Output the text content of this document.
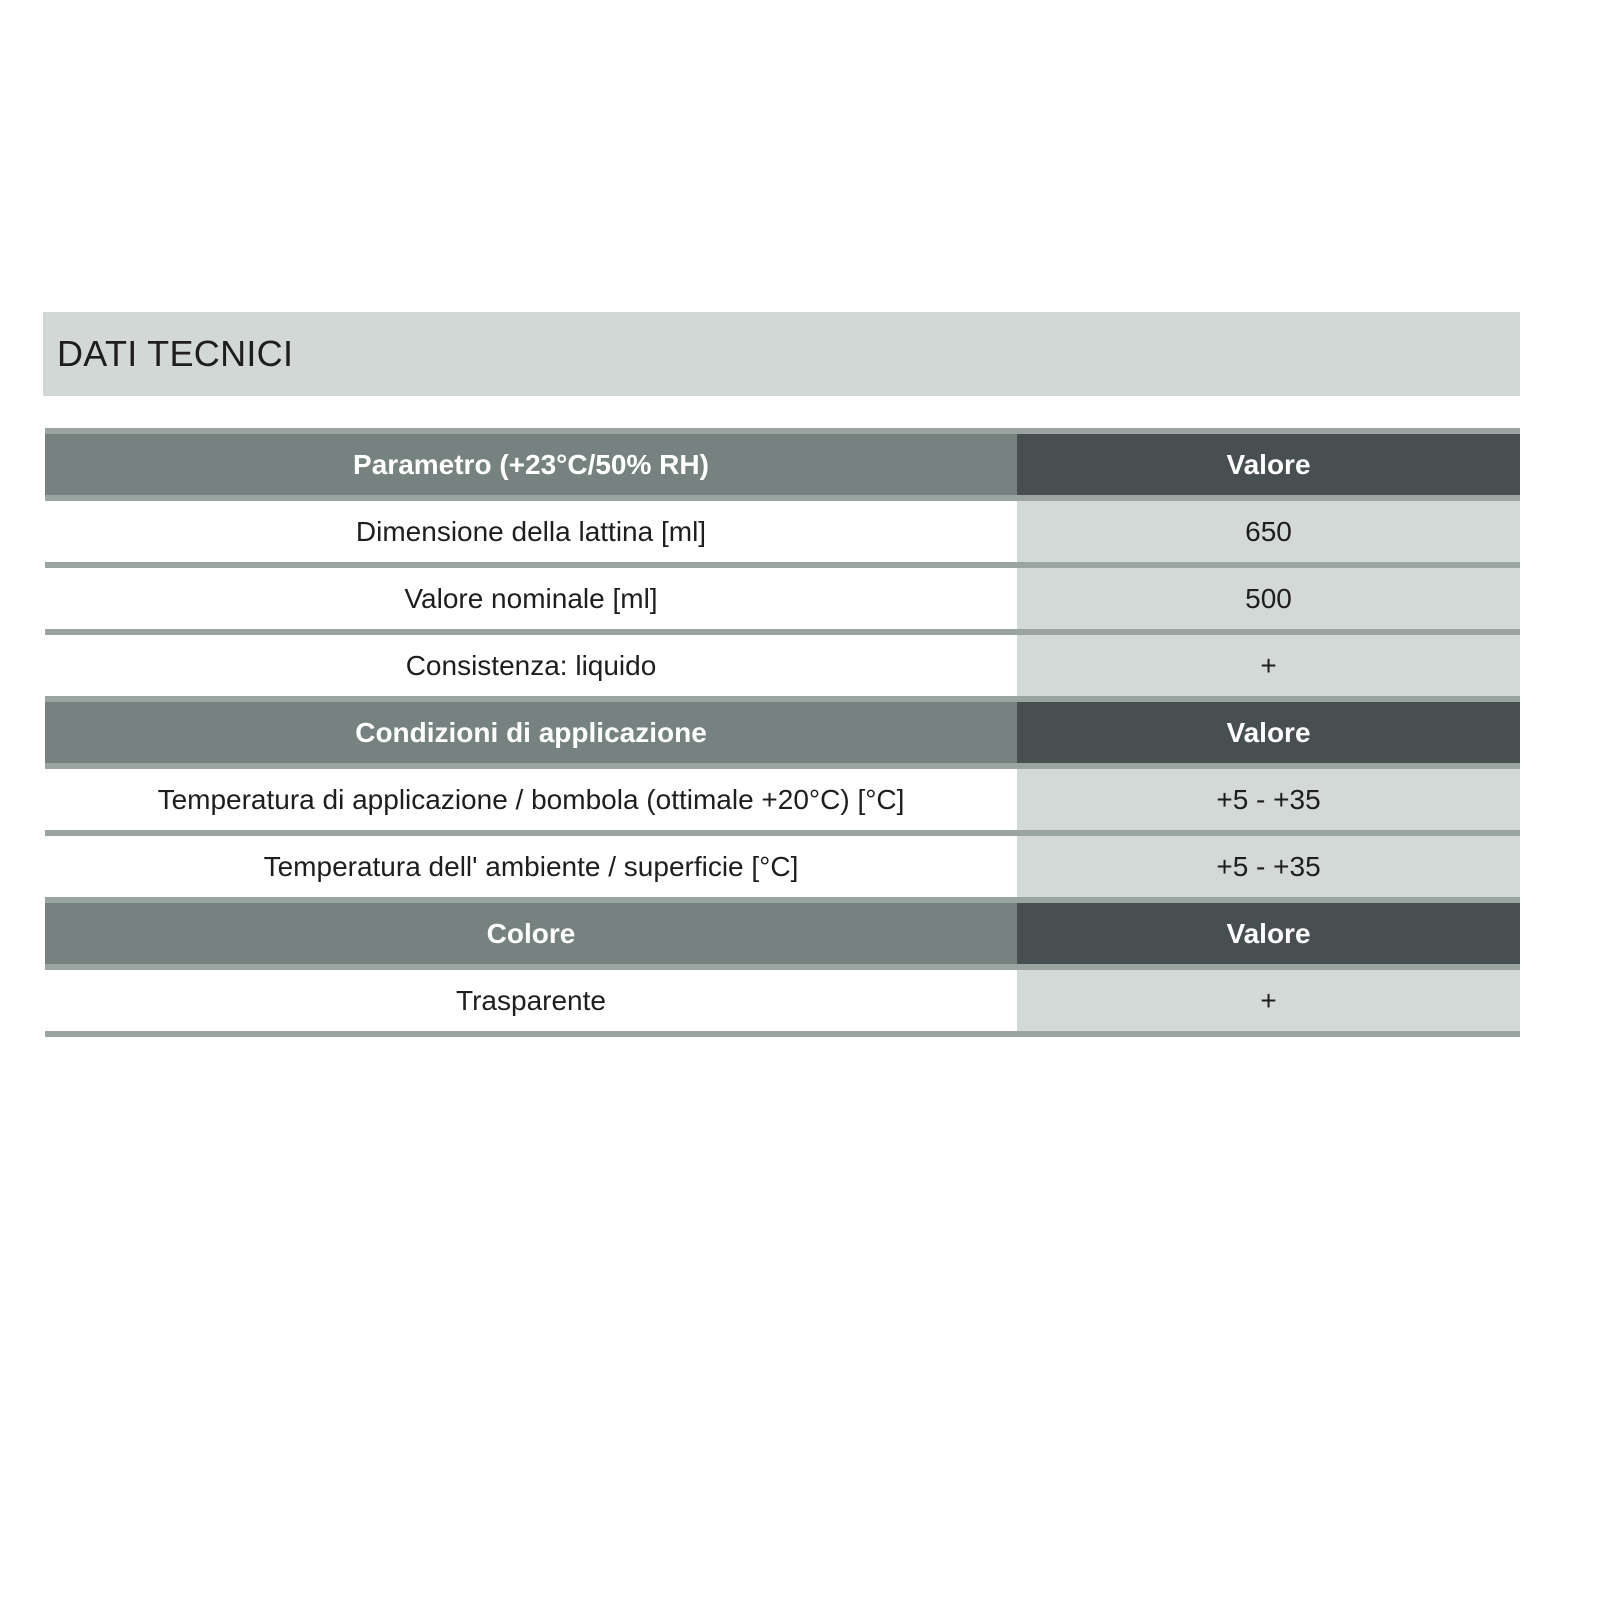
DATI TECNICI
Parametro (+23°C/50% RH)	Valore
Dimensione della lattina [ml]	650
Valore nominale [ml]	500
Consistenza: liquido	+
Condizioni di applicazione	Valore
Temperatura di applicazione / bombola (ottimale +20°C) [°C]	+5 - +35
Temperatura dell' ambiente / superficie [°C]	+5 - +35
Colore	Valore
Trasparente	+
